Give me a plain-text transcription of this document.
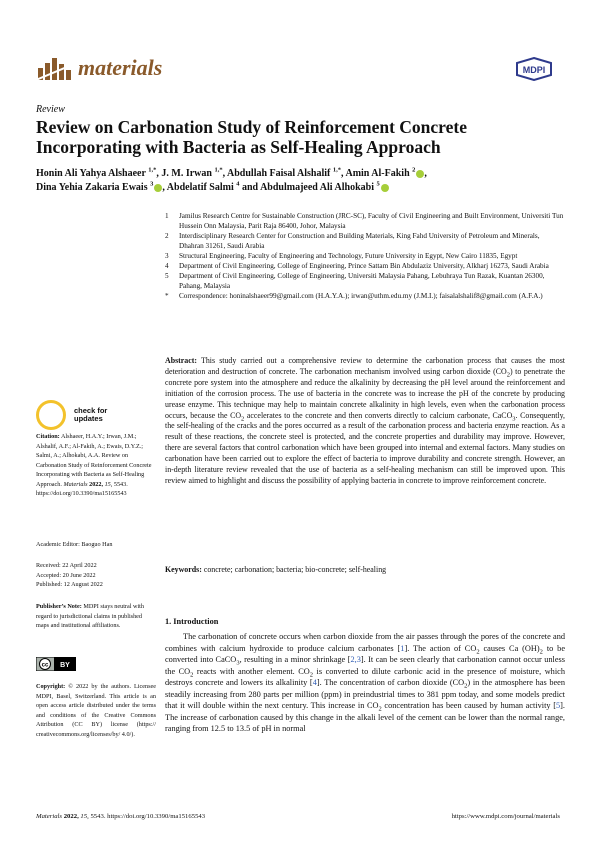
materials	MDPI
Review
Review on Carbonation Study of Reinforcement Concrete Incorporating with Bacteria as Self-Healing Approach
Honin Ali Yahya Alshaeer $^{1,*}$, J. M. Irwan $^{1,*}$, Abdullah Faisal Alshalif $^{1,*}$, Amin Al-Fakih $^2$ ,
Dina Yehia Zakaria Ewais $^3$ , Abdelatif Salmi $^4$ and Abdulmajeed Ali Alhokabi $^5$
1	Jamilus Research Centre for Sustainable Construction (JRC-SC), Faculty of Civil Engineering and Built Environment, Universiti Tun Hussein Onn Malaysia, Parit Raja 86400, Johor, Malaysia
2	Interdisciplinary Research Center for Construction and Building Materials, King Fahd University of Petroleum and Minerals, Dhahran 31261, Saudi Arabia
3	Structural Engineering, Faculty of Engineering and Technology, Future University in Egypt, New Cairo 11835, Egypt
4	Department of Civil Engineering, College of Engineering, Prince Sattam Bin Abdulaziz University, Alkharj 16273, Saudi Arabia
5	Department of Civil Engineering, College of Engineering, Universiti Malaysia Pahang, Lebuhraya Tun Razak, Kuantan 26300, Pahang, Malaysia
*	Correspondence: honinalshaeer99@gmail.com (H.A.Y.A.); irwan@uthm.edu.my (J.M.I.); faisalalshalif8@gmail.com (A.F.A.)
Abstract: This study carried out a comprehensive review to determine the carbonation process that causes the most deterioration and destruction of concrete. The carbonation mechanism involved using carbon dioxide $(CO_2)$ to penetrate the concrete pore system into the atmosphere and reduce the alkalinity by decreasing the pH level around the reinforcement and initiation of the corrosion process. The use of bacteria in the concrete was to increase the pH of the concrete by producing urease enzyme. This technique may help to maintain concrete alkalinity in high levels, even when the carbonation process occurs, because the $CO_2$ accelerates to the concrete and then converts directly to calcium carbonate, CaCO$_3$. Consequently, the self-healing of the cracks and the pores occurred as a result of the carbonation process and bacteria enzyme reaction. As a result of these reactions, the concrete steel is protected, and the concrete properties and durability may improve. However, there are several factors that control carbonation which have been grouped into internal and external factors. Many studies on carbonation have been carried out to explore the effect of bacteria to improve durability and concrete strength. However, an in-depth literature review revealed that the use of bacteria as a self-healing mechanism can still be improved upon. This review aimed to highlight and discuss the possibility of applying bacteria in concrete to improve reinforcement concrete.
Keywords: concrete; carbonation; bacteria; bio-concrete; self-healing
check for
updates

Citation: Alshaeer, H.A.Y.; Irwan, J.M.; Alshalif, A.F.; Al-Fakih, A.; Ewais, D.Y.Z.; Salmi, A.; Alhokabi, A.A. Review on Carbonation Study of Reinforcement Concrete Incorporating with Bacteria as Self-Healing Approach. Materials 2022, 15, 5543. https://doi.org/10.3390/ma15165543

Academic Editor: Baoguo Han

Received: 22 April 2022

Accepted: 20 June 2022

Published: 12 August 2022

Publisher’s Note: MDPI stays neutral with regard to jurisdictional claims in published maps and institutional affiliations.

cc BY

Copyright: © 2022 by the authors. Licensee MDPI, Basel, Switzerland. This article is an open access article distributed under the terms and conditions of the Creative Commons Attribution (CC BY) license (https:// creativecommons.org/licenses/by/ 4.0/).

1. Introduction
The carbonation of concrete occurs when carbon dioxide from the air passes through the pores of the concrete and combines with calcium hydroxide to produce calcium carbonates [1]. The action of $CO_2$ causes Ca $(OH)_2$ to be converted into CaCO$_3$, resulting in a minor shrinkage [2,3]. It can be seen clearly that carbonation cannot occur unless the $CO_2$ reacts with another element. $CO_2$ is converted to dilute carbonic acid in the presence of moisture, which destroys concrete and lowers its alkalinity [4]. The concentration of carbon dioxide $(CO_2)$ in the atmosphere has been steadily increasing from 280 parts per million (ppm) in preindustrial times to 381 ppm today, and some models predict that it will double within the next century. This increase in $CO_2$ concentration has been caused by human activity [5]. The increase of carbonation caused by this change in the alkali level of the cement can be lower than the normal range, ranging from 12.5 to 13.5 of pH in normal
Materials 2022, 15, 5543. https://doi.org/10.3390/ma15165543	https://www.mdpi.com/journal/materials
